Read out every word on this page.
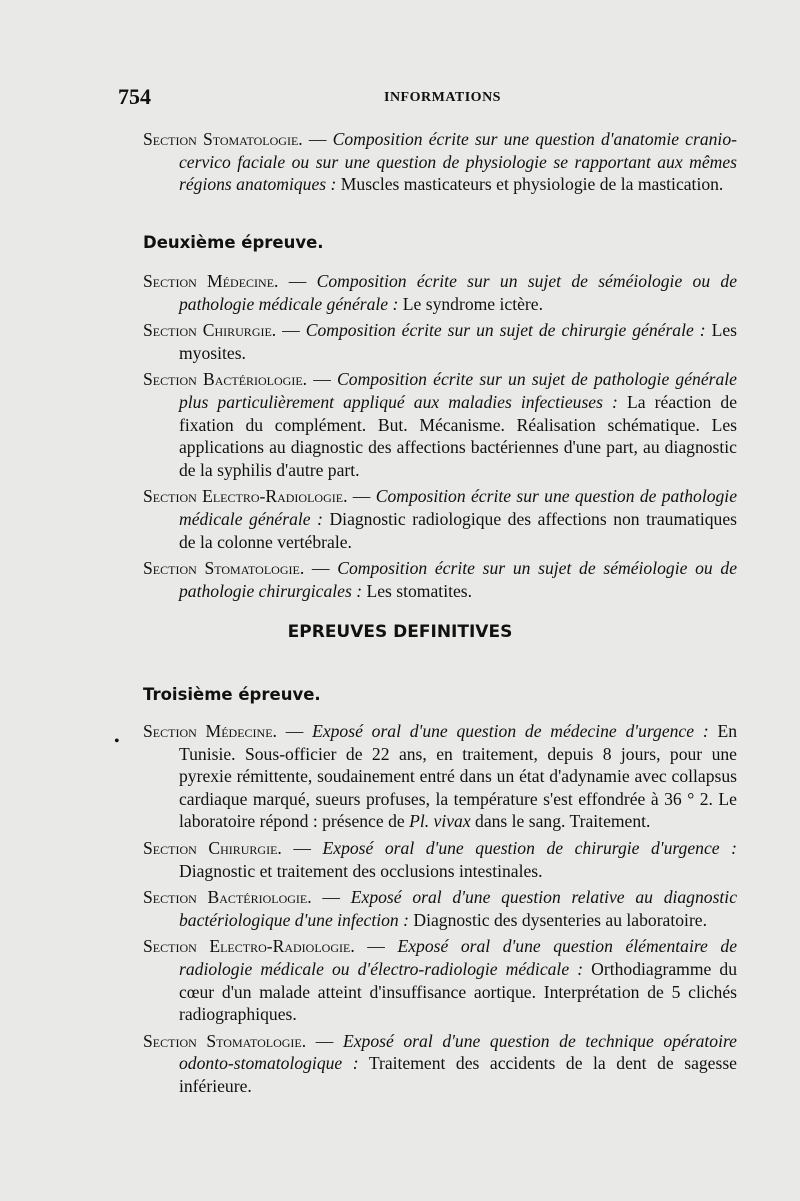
754	INFORMATIONS
Section Stomatologie. — Composition écrite sur une question d'anatomie cranio-cervico faciale ou sur une question de physiologie se rapportant aux mêmes régions anatomiques : Muscles masticateurs et physiologie de la mastication.
Deuxième épreuve.
Section Médecine. — Composition écrite sur un sujet de séméiologie ou de pathologie médicale générale : Le syndrome ictère.
Section Chirurgie. — Composition écrite sur un sujet de chirurgie générale : Les myosites.
Section Bactériologie. — Composition écrite sur un sujet de pathologie générale plus particulièrement appliqué aux maladies infectieuses : La réaction de fixation du complément. But. Mécanisme. Réalisation schématique. Les applications au diagnostic des affections bactériennes d'une part, au diagnostic de la syphilis d'autre part.
Section Electro-Radiologie. — Composition écrite sur une question de pathologie médicale générale : Diagnostic radiologique des affections non traumatiques de la colonne vertébrale.
Section Stomatologie. — Composition écrite sur un sujet de séméiologie ou de pathologie chirurgicales : Les stomatites.
EPREUVES DEFINITIVES
Troisième épreuve.
•
Section Médecine. — Exposé oral d'une question de médecine d'urgence : En Tunisie. Sous-officier de 22 ans, en traitement, depuis 8 jours, pour une pyrexie rémittente, soudainement entré dans un état d'adynamie avec collapsus cardiaque marqué, sueurs profuses, la température s'est effondrée à 36 ° 2. Le laboratoire répond : présence de Pl. vivax dans le sang. Traitement.
Section Chirurgie. — Exposé oral d'une question de chirurgie d'urgence : Diagnostic et traitement des occlusions intestinales.
Section Bactériologie. — Exposé oral d'une question relative au diagnostic bactériologique d'une infection : Diagnostic des dysenteries au laboratoire.
Section Electro-Radiologie. — Exposé oral d'une question élémentaire de radiologie médicale ou d'électro-radiologie médicale : Orthodiagramme du cœur d'un malade atteint d'insuffisance aortique. Interprétation de 5 clichés radiographiques.
Section Stomatologie. — Exposé oral d'une question de technique opératoire odonto-stomatologique : Traitement des accidents de la dent de sagesse inférieure.
